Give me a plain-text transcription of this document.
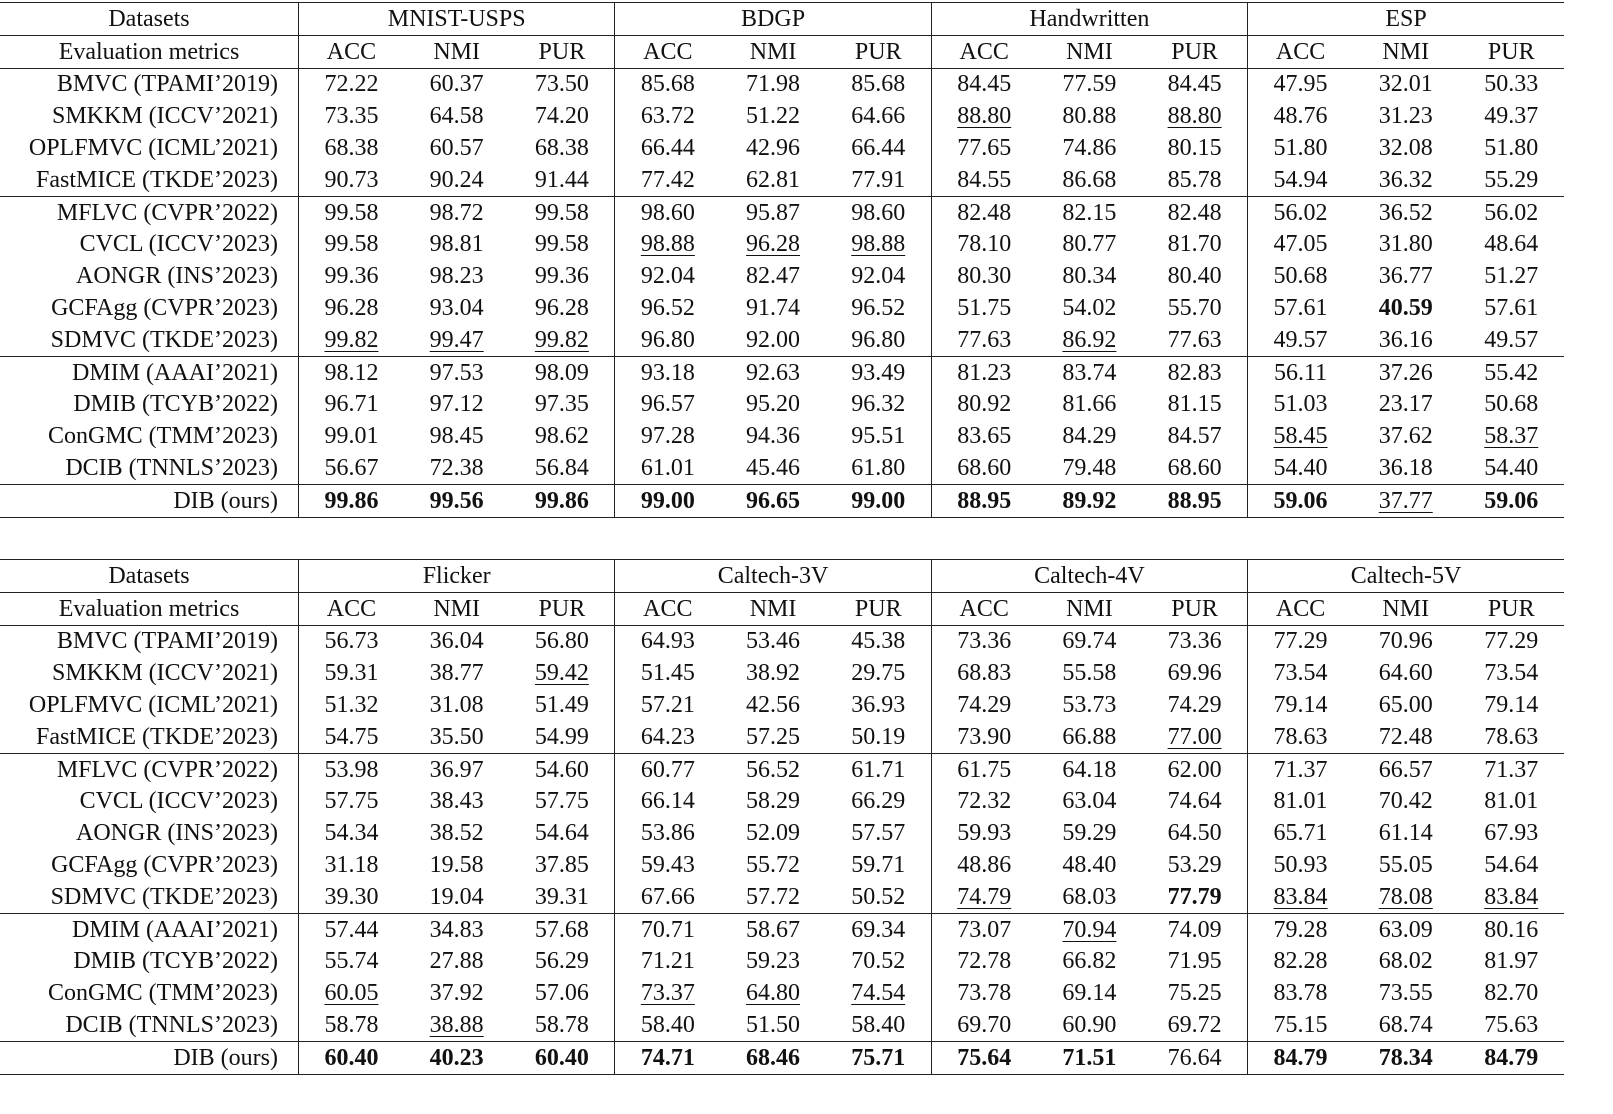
Datasets	MNIST-USPS			BDGP			Handwritten			ESP		
Evaluation metrics	ACC	NMI	PUR	ACC	NMI	PUR	ACC	NMI	PUR	ACC	NMI	PUR
BMVC (TPAMI’2019)	72.22	60.37	73.50	85.68	71.98	85.68	84.45	77.59	84.45	47.95	32.01	50.33
SMKKM (ICCV’2021)	73.35	64.58	74.20	63.72	51.22	64.66	88.80	80.88	88.80	48.76	31.23	49.37
OPLFMVC (ICML’2021)	68.38	60.57	68.38	66.44	42.96	66.44	77.65	74.86	80.15	51.80	32.08	51.80
FastMICE (TKDE’2023)	90.73	90.24	91.44	77.42	62.81	77.91	84.55	86.68	85.78	54.94	36.32	55.29
MFLVC (CVPR’2022)	99.58	98.72	99.58	98.60	95.87	98.60	82.48	82.15	82.48	56.02	36.52	56.02
CVCL (ICCV’2023)	99.58	98.81	99.58	98.88	96.28	98.88	78.10	80.77	81.70	47.05	31.80	48.64
AONGR (INS’2023)	99.36	98.23	99.36	92.04	82.47	92.04	80.30	80.34	80.40	50.68	36.77	51.27
GCFAgg (CVPR’2023)	96.28	93.04	96.28	96.52	91.74	96.52	51.75	54.02	55.70	57.61	40.59	57.61
SDMVC (TKDE’2023)	99.82	99.47	99.82	96.80	92.00	96.80	77.63	86.92	77.63	49.57	36.16	49.57
DMIM (AAAI’2021)	98.12	97.53	98.09	93.18	92.63	93.49	81.23	83.74	82.83	56.11	37.26	55.42
DMIB (TCYB’2022)	96.71	97.12	97.35	96.57	95.20	96.32	80.92	81.66	81.15	51.03	23.17	50.68
ConGMC (TMM’2023)	99.01	98.45	98.62	97.28	94.36	95.51	83.65	84.29	84.57	58.45	37.62	58.37
DCIB (TNNLS’2023)	56.67	72.38	56.84	61.01	45.46	61.80	68.60	79.48	68.60	54.40	36.18	54.40
DIB (ours)	99.86	99.56	99.86	99.00	96.65	99.00	88.95	89.92	88.95	59.06	37.77	59.06
Datasets	Flicker			Caltech-3V			Caltech-4V			Caltech-5V		
Evaluation metrics	ACC	NMI	PUR	ACC	NMI	PUR	ACC	NMI	PUR	ACC	NMI	PUR
BMVC (TPAMI’2019)	56.73	36.04	56.80	64.93	53.46	45.38	73.36	69.74	73.36	77.29	70.96	77.29
SMKKM (ICCV’2021)	59.31	38.77	59.42	51.45	38.92	29.75	68.83	55.58	69.96	73.54	64.60	73.54
OPLFMVC (ICML’2021)	51.32	31.08	51.49	57.21	42.56	36.93	74.29	53.73	74.29	79.14	65.00	79.14
FastMICE (TKDE’2023)	54.75	35.50	54.99	64.23	57.25	50.19	73.90	66.88	77.00	78.63	72.48	78.63
MFLVC (CVPR’2022)	53.98	36.97	54.60	60.77	56.52	61.71	61.75	64.18	62.00	71.37	66.57	71.37
CVCL (ICCV’2023)	57.75	38.43	57.75	66.14	58.29	66.29	72.32	63.04	74.64	81.01	70.42	81.01
AONGR (INS’2023)	54.34	38.52	54.64	53.86	52.09	57.57	59.93	59.29	64.50	65.71	61.14	67.93
GCFAgg (CVPR’2023)	31.18	19.58	37.85	59.43	55.72	59.71	48.86	48.40	53.29	50.93	55.05	54.64
SDMVC (TKDE’2023)	39.30	19.04	39.31	67.66	57.72	50.52	74.79	68.03	77.79	83.84	78.08	83.84
DMIM (AAAI’2021)	57.44	34.83	57.68	70.71	58.67	69.34	73.07	70.94	74.09	79.28	63.09	80.16
DMIB (TCYB’2022)	55.74	27.88	56.29	71.21	59.23	70.52	72.78	66.82	71.95	82.28	68.02	81.97
ConGMC (TMM’2023)	60.05	37.92	57.06	73.37	64.80	74.54	73.78	69.14	75.25	83.78	73.55	82.70
DCIB (TNNLS’2023)	58.78	38.88	58.78	58.40	51.50	58.40	69.70	60.90	69.72	75.15	68.74	75.63
DIB (ours)	60.40	40.23	60.40	74.71	68.46	75.71	75.64	71.51	76.64	84.79	78.34	84.79
